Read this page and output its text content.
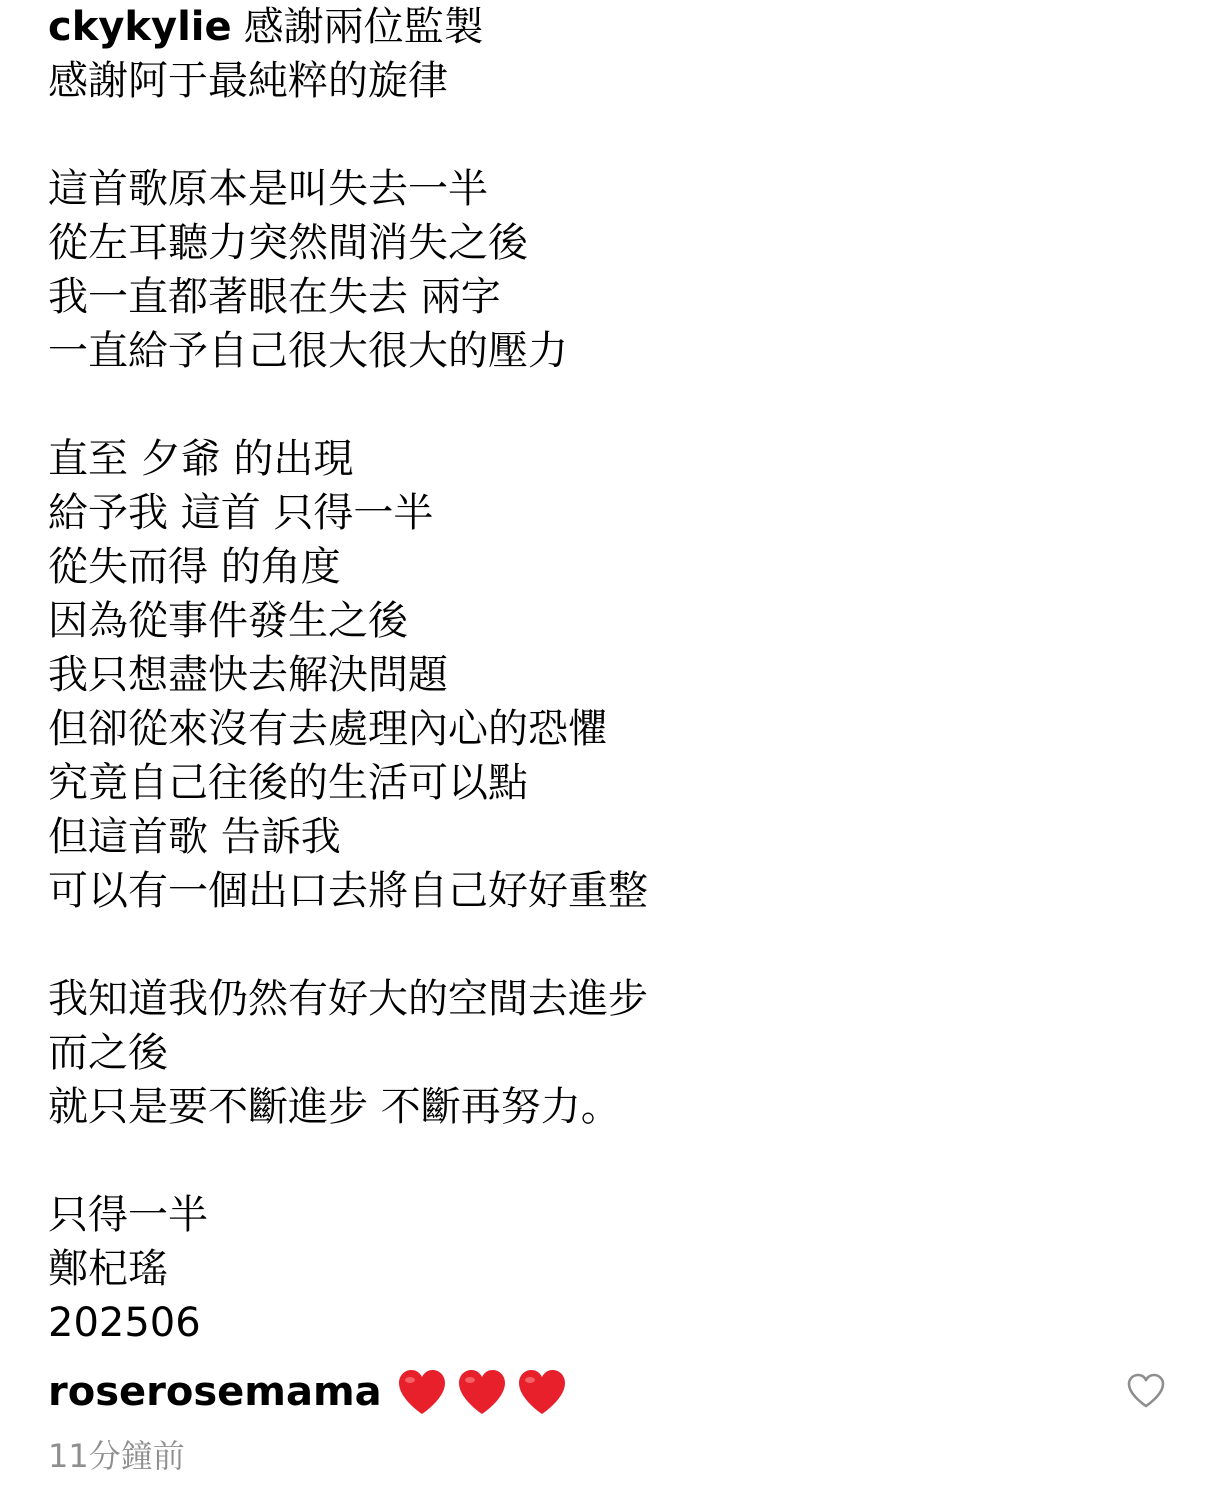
ckykylie 感謝兩位監製
感謝阿于最純粹的旋律
這首歌原本是叫失去一半
從左耳聽力突然間消失之後
我一直都著眼在失去 兩字
一直給予自己很大很大的壓力
直至 夕爺 的出現
給予我 這首 只得一半
從失而得 的角度
因為從事件發生之後
我只想盡快去解決問題
但卻從來沒有去處理內心的恐懼
究竟自己往後的生活可以點
但這首歌 告訴我
可以有一個出口去將自己好好重整
我知道我仍然有好大的空間去進步
而之後
就只是要不斷進步 不斷再努力。
只得一半
鄭杞瑤
202506
roserosemama
11分鐘前
